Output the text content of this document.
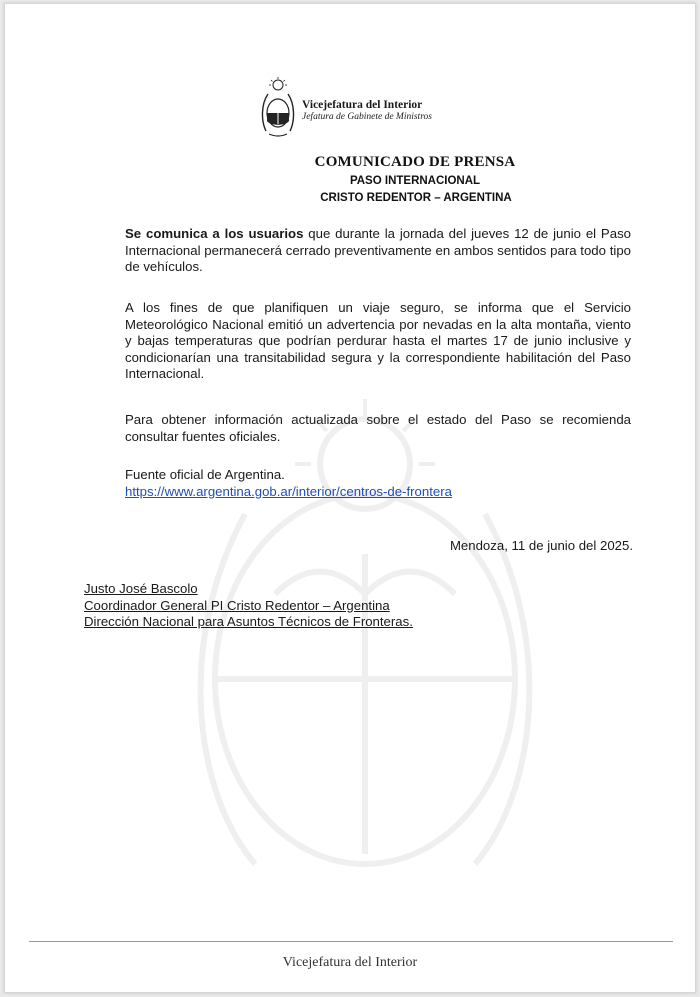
Vicejefatura del Interior
Jefatura de Gabinete de Ministros
COMUNICADO DE PRENSA
PASO INTERNACIONAL
CRISTO REDENTOR – ARGENTINA
Se comunica a los usuarios que durante la jornada del jueves 12 de junio el Paso Internacional permanecerá cerrado preventivamente en ambos sentidos para todo tipo de vehículos.
A los fines de que planifiquen un viaje seguro, se informa que el Servicio Meteorológico Nacional emitió un advertencia por nevadas en la alta montaña, viento y bajas temperaturas que podrían perdurar hasta el martes 17 de junio inclusive y condicionarían una transitabilidad segura y la correspondiente habilitación del Paso Internacional.
Para obtener información actualizada sobre el estado del Paso se recomienda consultar fuentes oficiales.
Fuente oficial de Argentina.
https://www.argentina.gob.ar/interior/centros-de-frontera
Mendoza, 11 de junio del 2025.
Justo José Bascolo
Coordinador General PI Cristo Redentor – Argentina
Dirección Nacional para Asuntos Técnicos de Fronteras.
Vicejefatura del Interior
